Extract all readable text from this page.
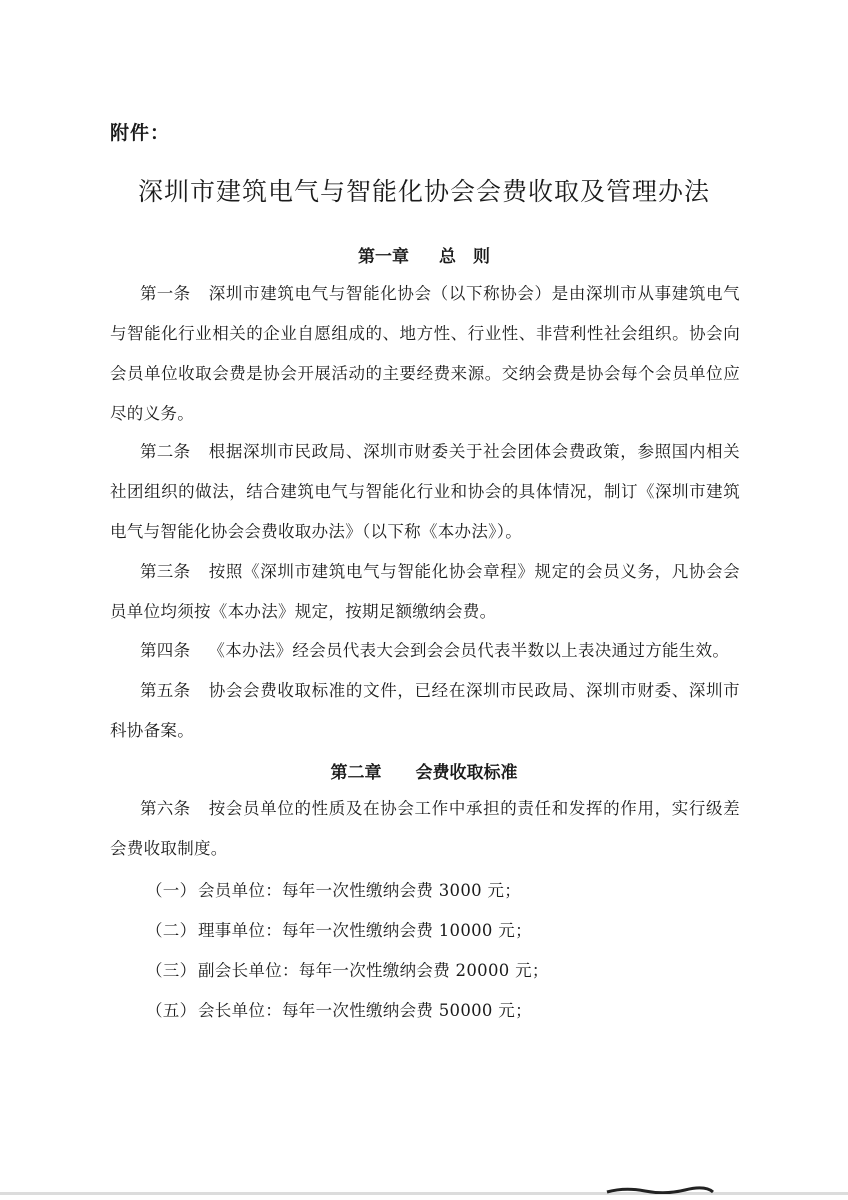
附件：
深圳市建筑电气与智能化协会会费收取及管理办法
第一章 总　则
第一条 深圳市建筑电气与智能化协会（以下称协会）是由深圳市从事建筑电气与智能化行业相关的企业自愿组成的、地方性、行业性、非营利性社会组织。协会向会员单位收取会费是协会开展活动的主要经费来源。交纳会费是协会每个会员单位应尽的义务。
第二条 根据深圳市民政局、深圳市财委关于社会团体会费政策，参照国内相关社团组织的做法，结合建筑电气与智能化行业和协会的具体情况，制订《深圳市建筑电气与智能化协会会费收取办法》（以下称《本办法》）。
第三条 按照《深圳市建筑电气与智能化协会章程》规定的会员义务，凡协会会员单位均须按《本办法》规定，按期足额缴纳会费。
第四条 《本办法》经会员代表大会到会会员代表半数以上表决通过方能生效。
第五条 协会会费收取标准的文件，已经在深圳市民政局、深圳市财委、深圳市科协备案。
第二章 会费收取标准
第六条 按会员单位的性质及在协会工作中承担的责任和发挥的作用，实行级差会费收取制度。
（一）会员单位：每年一次性缴纳会费 3000 元；
（二）理事单位：每年一次性缴纳会费 10000 元；
（三）副会长单位：每年一次性缴纳会费 20000 元；
（五）会长单位：每年一次性缴纳会费 50000 元；
